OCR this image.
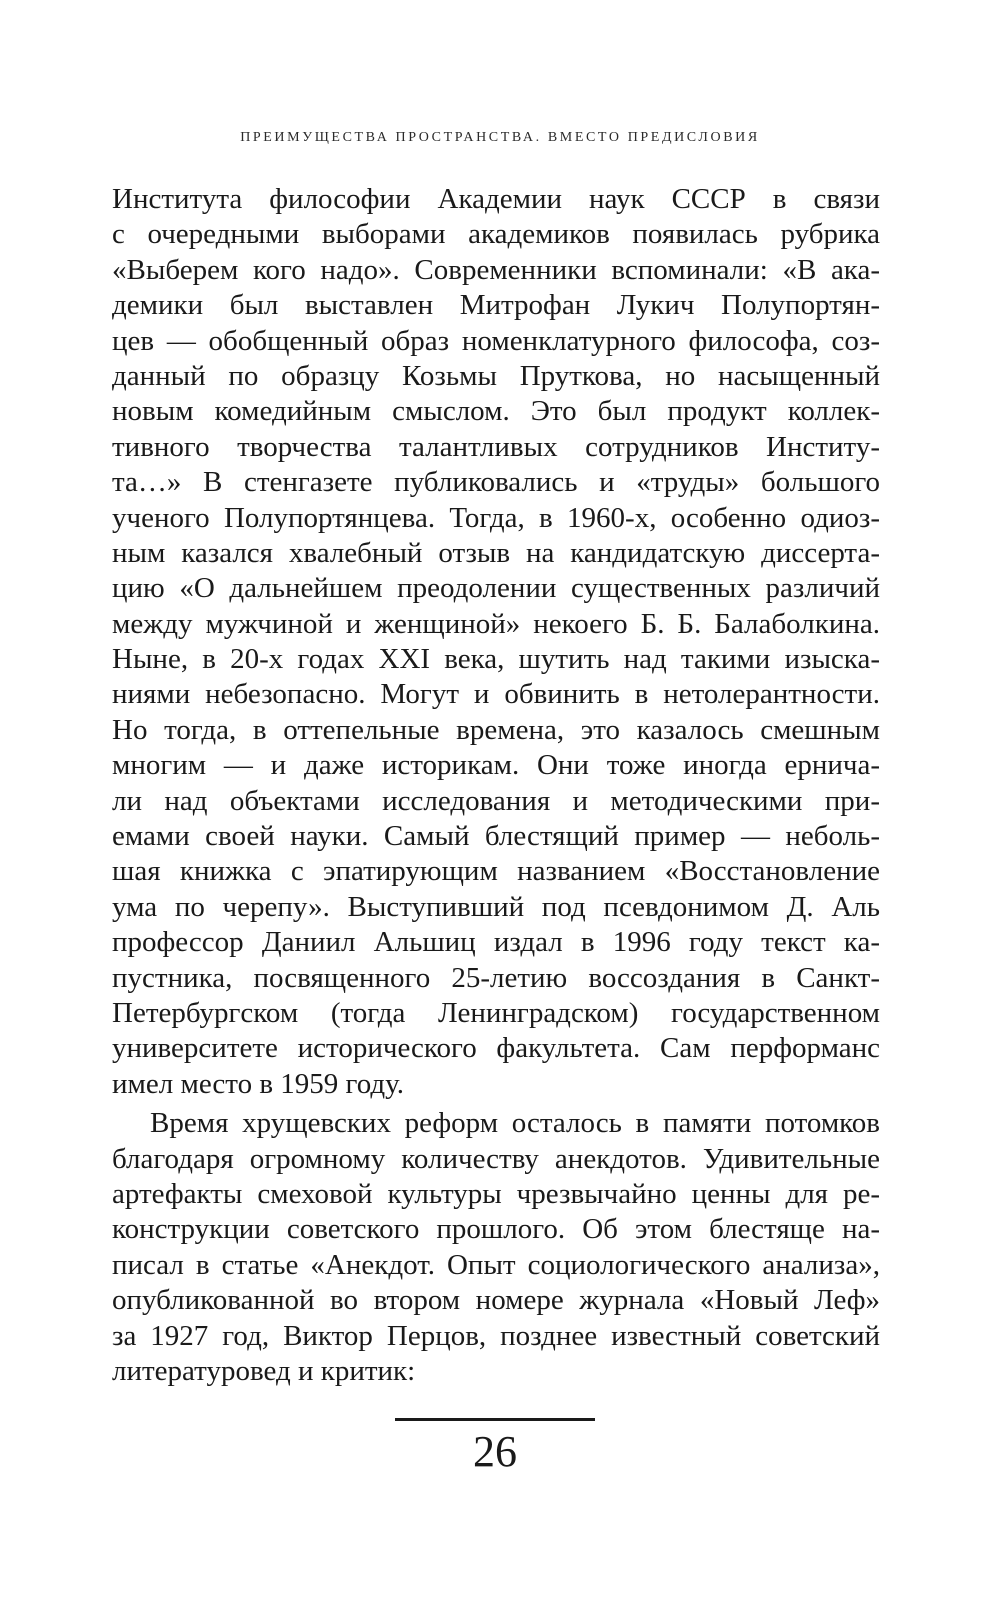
ПРЕИМУЩЕСТВА ПРОСТРАНСТВА. ВМЕСТО ПРЕДИСЛОВИЯ
Института философии Академии наук СССР в связи
с очередными выборами академиков появилась рубрика
«Выберем кого надо». Современники вспоминали: «В ака-
демики был выставлен Митрофан Лукич Полупортян-
цев — обобщенный образ номенклатурного философа, соз-
данный по образцу Козьмы Пруткова, но насыщенный
новым комедийным смыслом. Это был продукт коллек-
тивного творчества талантливых сотрудников Институ-
та…» В стенгазете публиковались и «труды» большого
ученого Полупортянцева. Тогда, в 1960-х, особенно одиоз-
ным казался хвалебный отзыв на кандидатскую диссерта-
цию «О дальнейшем преодолении существенных различий
между мужчиной и женщиной» некоего Б. Б. Балаболкина.
Ныне, в 20-х годах XXI века, шутить над такими изыска-
ниями небезопасно. Могут и обвинить в нетолерантности.
Но тогда, в оттепельные времена, это казалось смешным
многим — и даже историкам. Они тоже иногда ерничa-
ли над объектами исследования и методическими при-
емами своей науки. Самый блестящий пример — неболь-
шая книжка с эпатирующим названием «Восстановление
ума по черепу». Выступивший под псевдонимом Д. Аль
профессор Даниил Альшиц издал в 1996 году текст ка-
пустника, посвященного 25-летию воссоздания в Санкт-
Петербургском (тогда Ленинградском) государственном
университете исторического факультета. Сам перформанс
имел место в 1959 году.
Время хрущевских реформ осталось в памяти потомков
благодаря огромному количеству анекдотов. Удивительные
артефакты смеховой культуры чрезвычайно ценны для ре-
конструкции советского прошлого. Об этом блестяще на-
писал в статье «Анекдот. Опыт социологического анализа»,
опубликованной во втором номере журнала «Новый Леф»
за 1927 год, Виктор Перцов, позднее известный советский
литературовед и критик:
26
